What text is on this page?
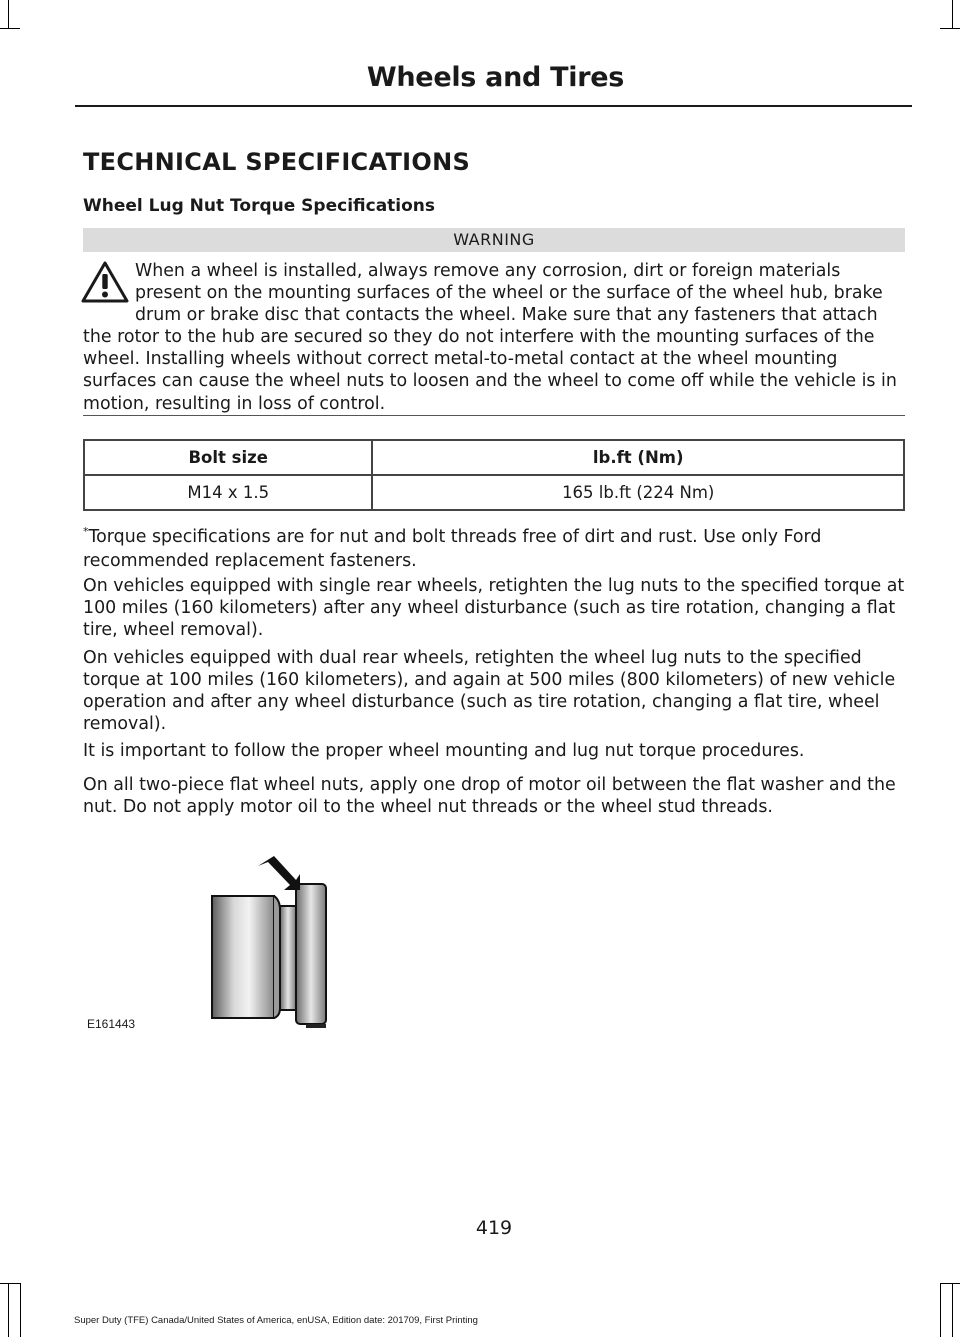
Wheels and Tires
TECHNICAL SPECIFICATIONS
Wheel Lug Nut Torque Specifications
WARNING

When a wheel is installed, always remove any corrosion, dirt or foreign materials present on the mounting surfaces of the wheel or the surface of the wheel hub, brake drum or brake disc that contacts the wheel. Make sure that any fasteners that attach the rotor to the hub are secured so they do not interfere with the mounting surfaces of the wheel. Installing wheels without correct metal-to-metal contact at the wheel mounting surfaces can cause the wheel nuts to loosen and the wheel to come off while the vehicle is in motion, resulting in loss of control.

Bolt size	lb.ft (Nm)
M14 x 1.5	165 lb.ft (224 Nm)

*Torque specifications are for nut and bolt threads free of dirt and rust. Use only Ford recommended replacement fasteners.

On vehicles equipped with single rear wheels, retighten the lug nuts to the specified torque at 100 miles (160 kilometers) after any wheel disturbance (such as tire rotation, changing a flat tire, wheel removal).

On vehicles equipped with dual rear wheels, retighten the wheel lug nuts to the specified torque at 100 miles (160 kilometers), and again at 500 miles (800 kilometers) of new vehicle operation and after any wheel disturbance (such as tire rotation, changing a flat tire, wheel removal).

It is important to follow the proper wheel mounting and lug nut torque procedures.

On all two-piece flat wheel nuts, apply one drop of motor oil between the flat washer and the nut. Do not apply motor oil to the wheel nut threads or the wheel stud threads.

E161443
419
Super Duty (TFE) Canada/United States of America, enUSA, Edition date: 201709, First Printing
